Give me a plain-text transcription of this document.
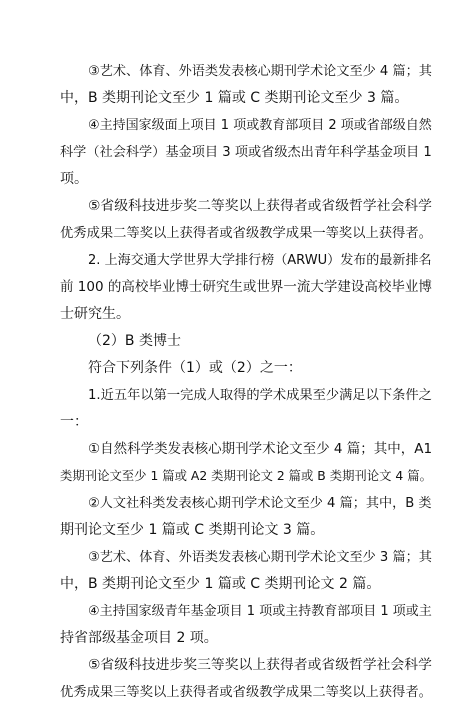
③艺术、体育、外语类发表核心期刊学术论文至少 4 篇；其
中，B 类期刊论文至少 1 篇或 C 类期刊论文至少 3 篇。
④主持国家级面上项目 1 项或教育部项目 2 项或省部级自然
科学（社会科学）基金项目 3 项或省级杰出青年科学基金项目 1
项。
⑤省级科技进步奖二等奖以上获得者或省级哲学社会科学
优秀成果二等奖以上获得者或省级教学成果一等奖以上获得者。
2. 上海交通大学世界大学排行榜（ARWU）发布的最新排名
前 100 的高校毕业博士研究生或世界一流大学建设高校毕业博
士研究生。
（2）B 类博士
符合下列条件（1）或（2）之一：
1.近五年以第一完成人取得的学术成果至少满足以下条件之
一：
①自然科学类发表核心期刊学术论文至少 4 篇；其中，A1
类期刊论文至少 1 篇或 A2 类期刊论文 2 篇或 B 类期刊论文 4 篇。
②人文社科类发表核心期刊学术论文至少 4 篇；其中，B 类
期刊论文至少 1 篇或 C 类期刊论文 3 篇。
③艺术、体育、外语类发表核心期刊学术论文至少 3 篇；其
中，B 类期刊论文至少 1 篇或 C 类期刊论文 2 篇。
④主持国家级青年基金项目 1 项或主持教育部项目 1 项或主
持省部级基金项目 2 项。
⑤省级科技进步奖三等奖以上获得者或省级哲学社会科学
优秀成果三等奖以上获得者或省级教学成果二等奖以上获得者。
